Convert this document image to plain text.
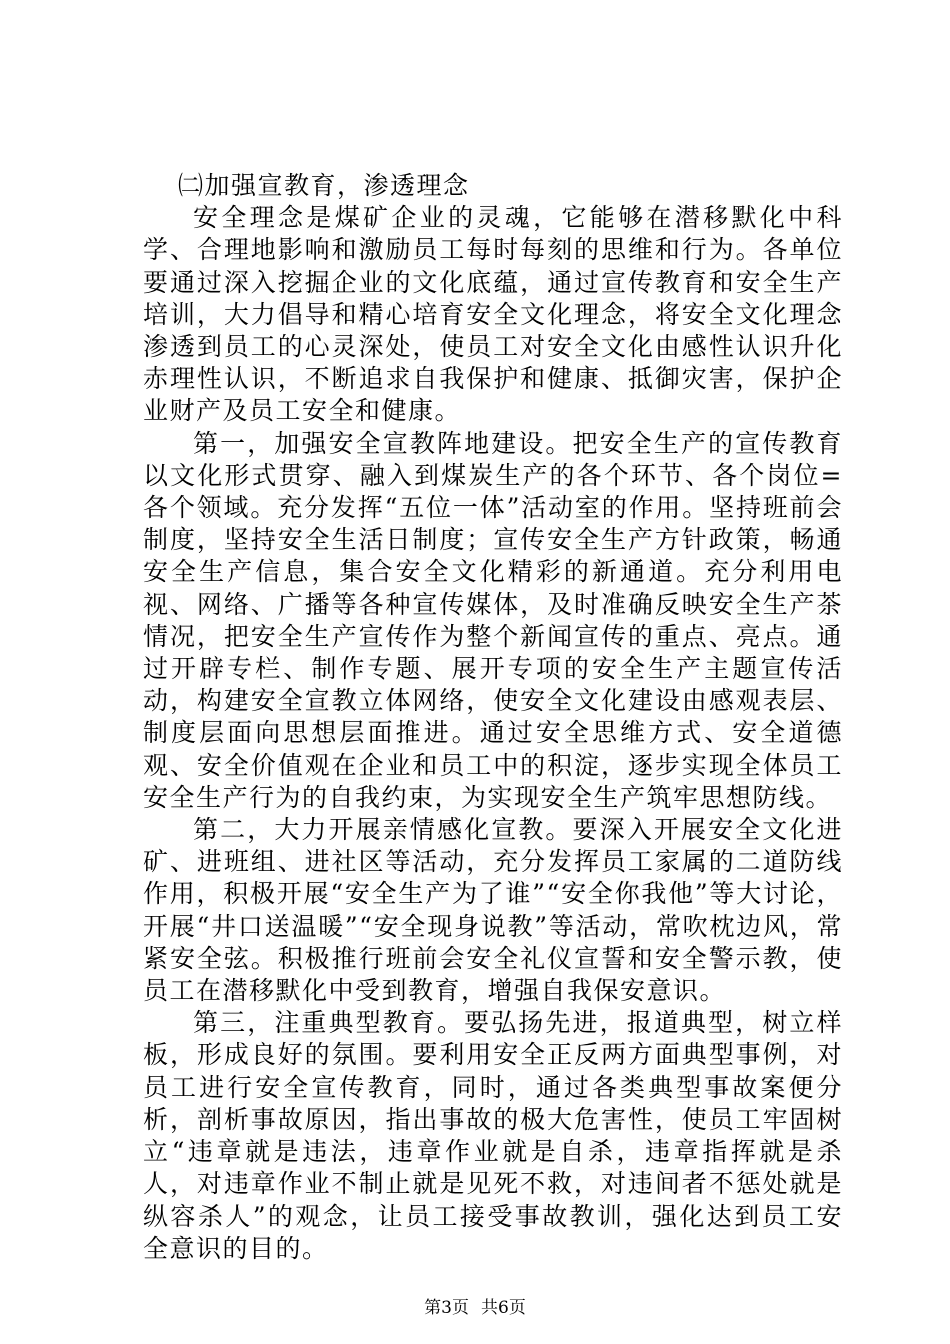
㈡加强宣教育，渗透理念

安全理念是煤矿企业的灵魂，它能够在潜移默化中科学、合理地影响和激励员工每时每刻的思维和行为。各单位要通过深入挖掘企业的文化底蕴，通过宣传教育和安全生产培训，大力倡导和精心培育安全文化理念，将安全文化理念渗透到员工的心灵深处，使员工对安全文化由感性认识升化赤理性认识，不断追求自我保护和健康、抵御灾害，保护企业财产及员工安全和健康。

第一，加强安全宣教阵地建设。把安全生产的宣传教育以文化形式贯穿、融入到煤炭生产的各个环节、各个岗位=各个领域。充分发挥“五位一体”活动室的作用。坚持班前会制度，坚持安全生活日制度；宣传安全生产方针政策，畅通安全生产信息，集合安全文化精彩的新通道。充分利用电视、网络、广播等各种宣传媒体，及时准确反映安全生产茶情况，把安全生产宣传作为整个新闻宣传的重点、亮点。通过开辟专栏、制作专题、展开专项的安全生产主题宣传活动，构建安全宣教立体网络，使安全文化建设由感观表层、制度层面向思想层面推进。通过安全思维方式、安全道德观、安全价值观在企业和员工中的积淀，逐步实现全体员工安全生产行为的自我约束，为实现安全生产筑牢思想防线。

第二，大力开展亲情感化宣教。要深入开展安全文化进矿、进班组、进社区等活动，充分发挥员工家属的二道防线作用，积极开展“安全生产为了谁”“安全你我他”等大讨论，开展“井口送温暖”“安全现身说教”等活动，常吹枕边风，常紧安全弦。积极推行班前会安全礼仪宣誓和安全警示教，使员工在潜移默化中受到教育，增强自我保安意识。

第三，注重典型教育。要弘扬先进，报道典型，树立样板，形成良好的氛围。要利用安全正反两方面典型事例，对员工进行安全宣传教育，同时，通过各类典型事故案便分析，剖析事故原因，指出事故的极大危害性，使员工牢固树立“违章就是违法，违章作业就是自杀，违章指挥就是杀人，对违章作业不制止就是见死不救，对违间者不惩处就是纵容杀人”的观念，让员工接受事故教训，强化达到员工安全意识的目的。

第3页 共6页
